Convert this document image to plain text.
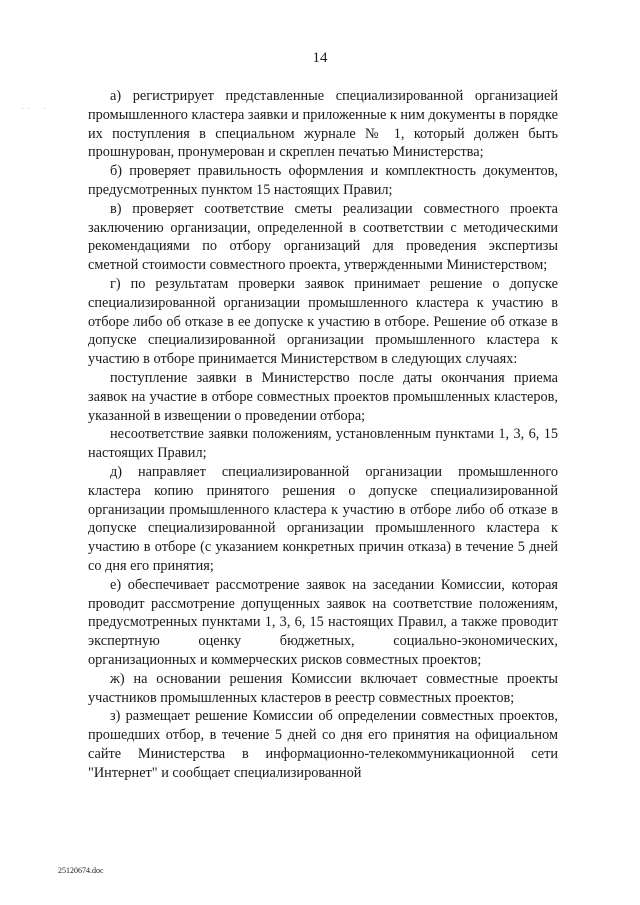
14

а) регистрирует представленные специализированной организацией промышленного кластера заявки и приложенные к ним документы в порядке их поступления в специальном журнале № 1, который должен быть прошнурован, пронумерован и скреплен печатью Министерства;

б) проверяет правильность оформления и комплектность документов, предусмотренных пунктом 15 настоящих Правил;

в) проверяет соответствие сметы реализации совместного проекта заключению организации, определенной в соответствии с методическими рекомендациями по отбору организаций для проведения экспертизы сметной стоимости совместного проекта, утвержденными Министерством;

г) по результатам проверки заявок принимает решение о допуске специализированной организации промышленного кластера к участию в отборе либо об отказе в ее допуске к участию в отборе. Решение об отказе в допуске специализированной организации промышленного кластера к участию в отборе принимается Министерством в следующих случаях:

поступление заявки в Министерство после даты окончания приема заявок на участие в отборе совместных проектов промышленных кластеров, указанной в извещении о проведении отбора;

несоответствие заявки положениям, установленным пунктами 1, 3, 6, 15 настоящих Правил;

д) направляет специализированной организации промышленного кластера копию принятого решения о допуске специализированной организации промышленного кластера к участию в отборе либо об отказе в допуске специализированной организации промышленного кластера к участию в отборе (с указанием конкретных причин отказа) в течение 5 дней со дня его принятия;

е) обеспечивает рассмотрение заявок на заседании Комиссии, которая проводит рассмотрение допущенных заявок на соответствие положениям, предусмотренных пунктами 1, 3, 6, 15 настоящих Правил, а также проводит экспертную оценку бюджетных, социально-экономических, организационных и коммерческих рисков совместных проектов;

ж) на основании решения Комиссии включает совместные проекты участников промышленных кластеров в реестр совместных проектов;

з) размещает решение Комиссии об определении совместных проектов, прошедших отбор, в течение 5 дней со дня его принятия на официальном сайте Министерства в информационно-телекоммуникационной сети "Интернет" и сообщает специализированной

25120674.doc
